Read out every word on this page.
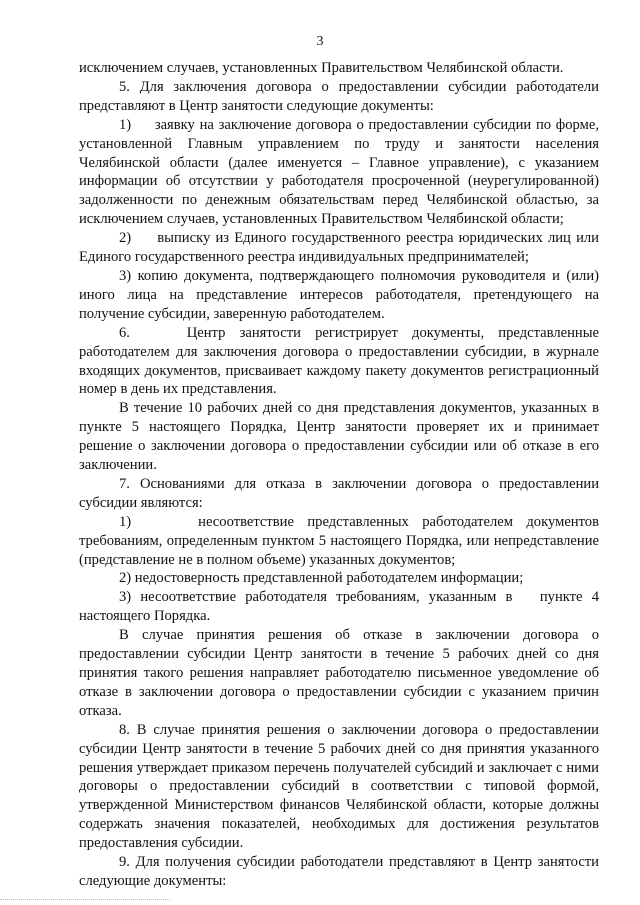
3

исключением случаев, установленных Правительством Челябинской области.

5. Для заключения договора о предоставлении субсидии работодатели представляют в Центр занятости следующие документы:

1)     заявку на заключение договора о предоставлении субсидии по форме, установленной Главным управлением по труду и занятости населения Челябинской области (далее именуется – Главное управление), с указанием информации об отсутствии у работодателя просроченной (неурегулированной) задолженности по денежным обязательствам перед Челябинской областью, за исключением случаев, установленных Правительством Челябинской области;

2)     выписку из Единого государственного реестра юридических лиц или Единого государственного реестра индивидуальных предпринимателей;

3) копию документа, подтверждающего полномочия руководителя и (или) иного лица на представление интересов работодателя, претендующего на получение субсидии, заверенную работодателем.

6.    Центр занятости регистрирует документы, представленные работодателем для заключения договора о предоставлении субсидии, в журнале входящих документов, присваивает каждому пакету документов регистрационный номер в день их представления.

В течение 10 рабочих дней со дня представления документов, указанных в пункте 5 настоящего Порядка, Центр занятости проверяет их и принимает решение о заключении договора о предоставлении субсидии или об отказе в его заключении.

7. Основаниями для отказа в заключении договора о предоставлении субсидии являются:

1)     несоответствие представленных работодателем документов требованиям, определенным пунктом 5 настоящего Порядка, или непредставление (представление не в полном объеме) указанных документов;

2) недостоверность представленной работодателем информации;

3) несоответствие работодателя требованиям, указанным в   пункте 4 настоящего Порядка.

В случае принятия решения об отказе в заключении договора о предоставлении субсидии Центр занятости в течение 5 рабочих дней со дня принятия такого решения направляет работодателю письменное уведомление об отказе в заключении договора о предоставлении субсидии с указанием причин отказа.

8. В случае принятия решения о заключении договора о предоставлении субсидии Центр занятости в течение 5 рабочих дней со дня принятия указанного решения утверждает приказом перечень получателей субсидий и заключает с ними договоры о предоставлении субсидий в соответствии с типовой формой, утвержденной Министерством финансов Челябинской области, которые должны содержать значения показателей, необходимых для достижения результатов предоставления субсидии.

9. Для получения субсидии работодатели представляют в Центр занятости следующие документы:
